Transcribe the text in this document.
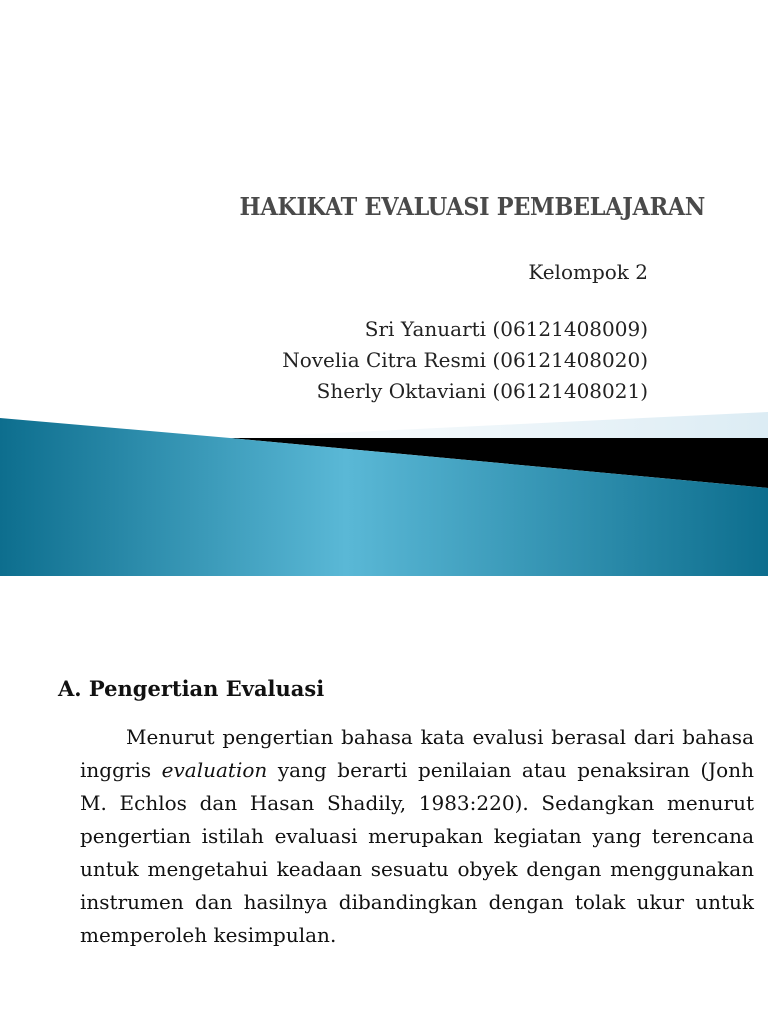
HAKIKAT EVALUASI PEMBELAJARAN
Kelompok 2
Sri Yanuarti (06121408009)
Novelia Citra Resmi (06121408020)
Sherly Oktaviani (06121408021)
A. Pengertian Evaluasi
Menurut pengertian bahasa kata evalusi berasal dari bahasa inggris evaluation yang berarti penilaian atau penaksiran (Jonh M. Echlos dan Hasan Shadily, 1983:220). Sedangkan menurut pengertian istilah evaluasi merupakan kegiatan yang terencana untuk mengetahui keadaan sesuatu obyek dengan menggunakan instrumen dan hasilnya dibandingkan dengan tolak ukur untuk memperoleh kesimpulan.
